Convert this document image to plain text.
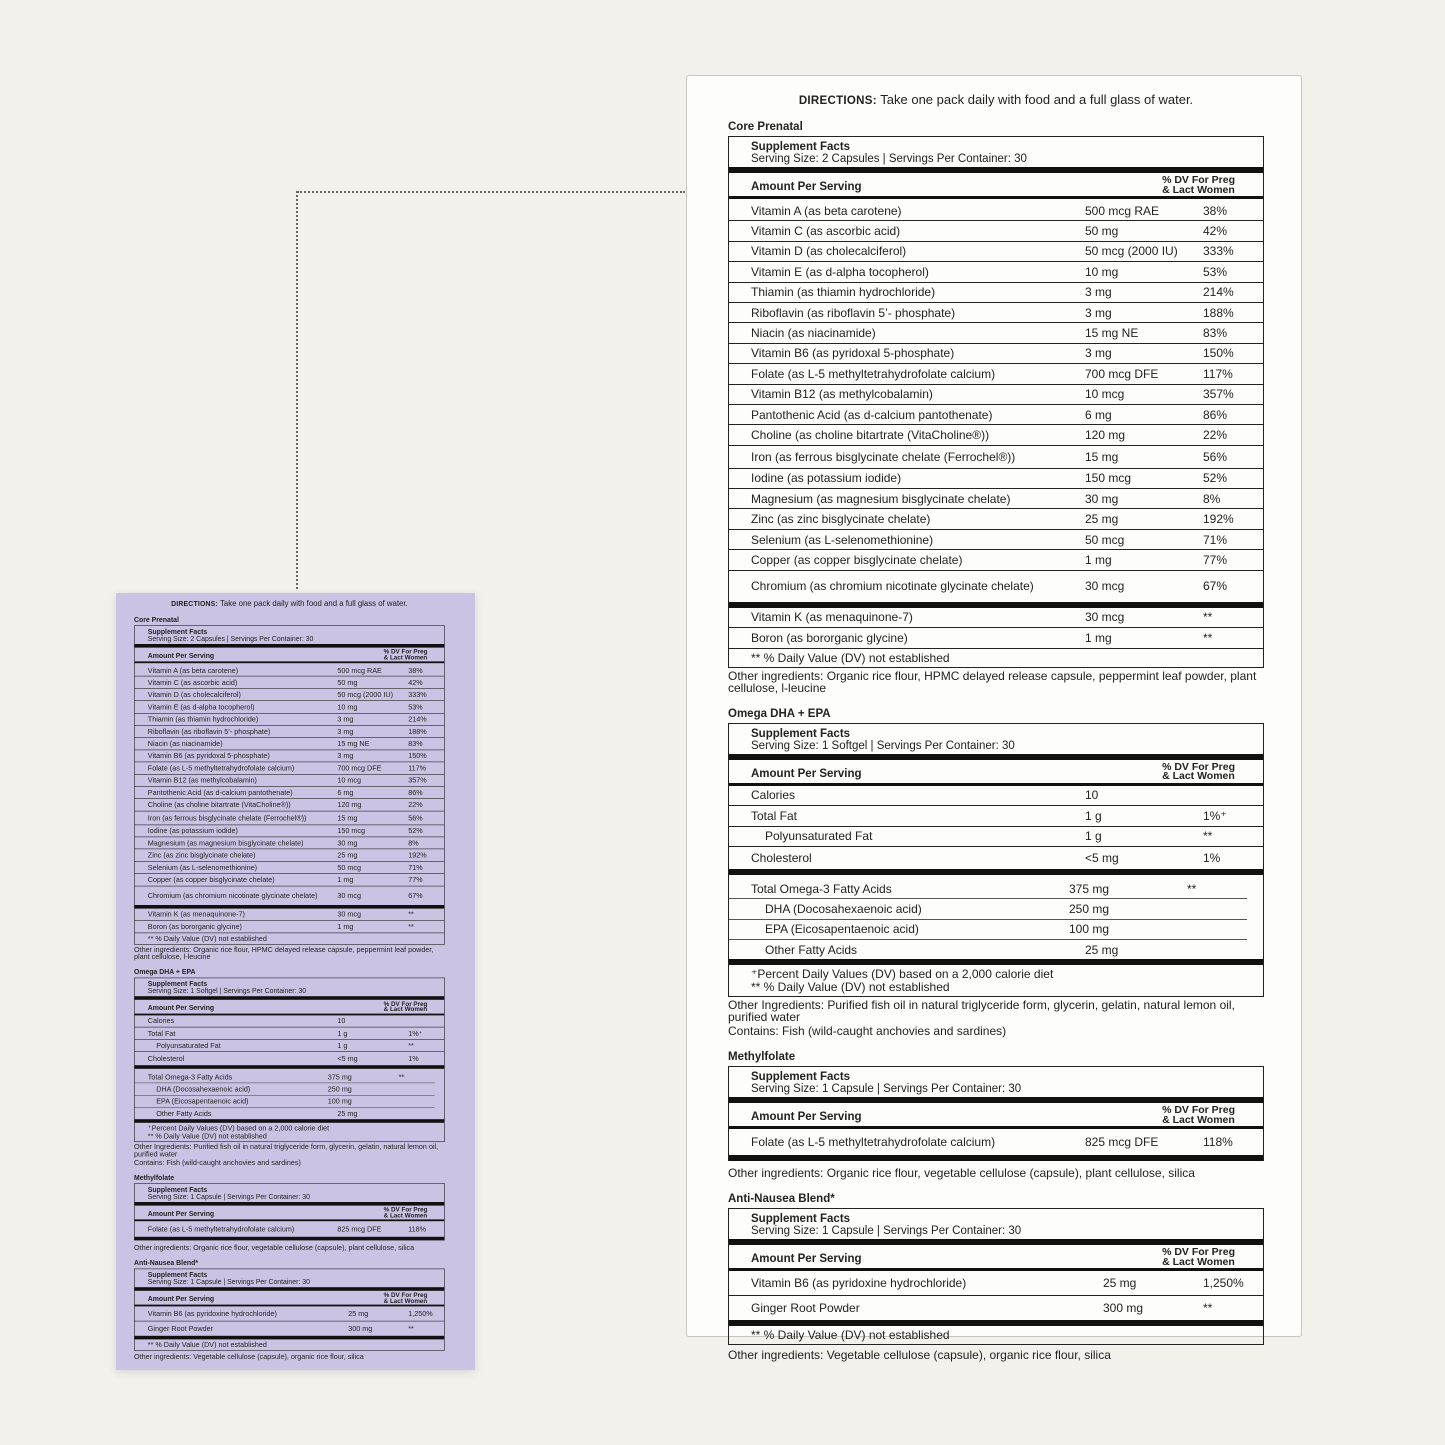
DIRECTIONS: Take one pack daily with food and a full glass of water.

Core Prenatal
Supplement Facts
Serving Size: 2 Capsules | Servings Per Container: 30
Amount Per Serving
% DV For Preg
& Lact Women
Vitamin A (as beta carotene)	500 mcg RAE	38%
Vitamin C (as ascorbic acid)	50 mg	42%
Vitamin D (as cholecalciferol)	50 mcg (2000 IU)	333%
Vitamin E (as d-alpha tocopherol)	10 mg	53%
Thiamin (as thiamin hydrochloride)	3 mg	214%
Riboflavin (as riboflavin 5’- phosphate)	3 mg	188%
Niacin (as niacinamide)	15 mg NE	83%
Vitamin B6 (as pyridoxal 5-phosphate)	3 mg	150%
Folate (as L-5 methyltetrahydrofolate calcium)	700 mcg DFE	117%
Vitamin B12 (as methylcobalamin)	10 mcg	357%
Pantothenic Acid (as d-calcium pantothenate)	6 mg	86%
Choline (as choline bitartrate (VitaCholine®))	120 mg	22%
Iron (as ferrous bisglycinate chelate (Ferrochel®))	15 mg	56%
Iodine (as potassium iodide)	150 mcg	52%
Magnesium (as magnesium bisglycinate chelate)	30 mg	8%
Zinc (as zinc bisglycinate chelate)	25 mg	192%
Selenium (as L-selenomethionine)	50 mcg	71%
Copper (as copper bisglycinate chelate)	1 mg	77%
Chromium (as chromium nicotinate glycinate chelate)	30 mcg	67%
Vitamin K (as menaquinone-7)	30 mcg	**
Boron (as bororganic glycine)	1 mg	**
** % Daily Value (DV) not established

Other ingredients: Organic rice flour, HPMC delayed release capsule, peppermint leaf powder, plant cellulose, l-leucine

Omega DHA + EPA
Supplement Facts
Serving Size: 1 Softgel | Servings Per Container: 30
Amount Per Serving
% DV For Preg
& Lact Women
Calories	10
Total Fat	1 g	1%⁺
Polyunsaturated Fat	1 g	**
Cholesterol	<5 mg	1%
Total Omega-3 Fatty Acids	375 mg	**
DHA (Docosahexaenoic acid)	250 mg
EPA (Eicosapentaenoic acid)	100 mg
Other Fatty Acids	25 mg
⁺Percent Daily Values (DV) based on a 2,000 calorie diet
** % Daily Value (DV) not established

Other Ingredients: Purified fish oil in natural triglyceride form, glycerin, gelatin, natural lemon oil, purified water

Contains: Fish (wild-caught anchovies and sardines)

Methylfolate
Supplement Facts
Serving Size: 1 Capsule | Servings Per Container: 30
Amount Per Serving
% DV For Preg
& Lact Women
Folate (as L-5 methyltetrahydrofolate calcium)	825 mcg DFE	118%

Other ingredients: Organic rice flour, vegetable cellulose (capsule), plant cellulose, silica

Anti-Nausea Blend*
Supplement Facts
Serving Size: 1 Capsule | Servings Per Container: 30
Amount Per Serving
% DV For Preg
& Lact Women
Vitamin B6 (as pyridoxine hydrochloride)	25 mg	1,250%
Ginger Root Powder	300 mg	**
** % Daily Value (DV) not established

Other ingredients: Vegetable cellulose (capsule), organic rice flour, silica

DIRECTIONS: Take one pack daily with food and a full glass of water.

Core Prenatal
Supplement Facts
Serving Size: 2 Capsules | Servings Per Container: 30
Amount Per Serving
% DV For Preg
& Lact Women
Vitamin A (as beta carotene)	500 mcg RAE	38%
Vitamin C (as ascorbic acid)	50 mg	42%
Vitamin D (as cholecalciferol)	50 mcg (2000 IU)	333%
Vitamin E (as d-alpha tocopherol)	10 mg	53%
Thiamin (as thiamin hydrochloride)	3 mg	214%
Riboflavin (as riboflavin 5’- phosphate)	3 mg	188%
Niacin (as niacinamide)	15 mg NE	83%
Vitamin B6 (as pyridoxal 5-phosphate)	3 mg	150%
Folate (as L-5 methyltetrahydrofolate calcium)	700 mcg DFE	117%
Vitamin B12 (as methylcobalamin)	10 mcg	357%
Pantothenic Acid (as d-calcium pantothenate)	6 mg	86%
Choline (as choline bitartrate (VitaCholine®))	120 mg	22%
Iron (as ferrous bisglycinate chelate (Ferrochel®))	15 mg	56%
Iodine (as potassium iodide)	150 mcg	52%
Magnesium (as magnesium bisglycinate chelate)	30 mg	8%
Zinc (as zinc bisglycinate chelate)	25 mg	192%
Selenium (as L-selenomethionine)	50 mcg	71%
Copper (as copper bisglycinate chelate)	1 mg	77%
Chromium (as chromium nicotinate glycinate chelate)	30 mcg	67%
Vitamin K (as menaquinone-7)	30 mcg	**
Boron (as bororganic glycine)	1 mg	**
** % Daily Value (DV) not established

Other ingredients: Organic rice flour, HPMC delayed release capsule, peppermint leaf powder, plant cellulose, l-leucine

Omega DHA + EPA
Supplement Facts
Serving Size: 1 Softgel | Servings Per Container: 30
Amount Per Serving
% DV For Preg
& Lact Women
Calories	10
Total Fat	1 g	1%⁺
Polyunsaturated Fat	1 g	**
Cholesterol	<5 mg	1%
Total Omega-3 Fatty Acids	375 mg	**
DHA (Docosahexaenoic acid)	250 mg
EPA (Eicosapentaenoic acid)	100 mg
Other Fatty Acids	25 mg
⁺Percent Daily Values (DV) based on a 2,000 calorie diet
** % Daily Value (DV) not established

Other Ingredients: Purified fish oil in natural triglyceride form, glycerin, gelatin, natural lemon oil, purified water

Contains: Fish (wild-caught anchovies and sardines)

Methylfolate
Supplement Facts
Serving Size: 1 Capsule | Servings Per Container: 30
Amount Per Serving
% DV For Preg
& Lact Women
Folate (as L-5 methyltetrahydrofolate calcium)	825 mcg DFE	118%

Other ingredients: Organic rice flour, vegetable cellulose (capsule), plant cellulose, silica

Anti-Nausea Blend*
Supplement Facts
Serving Size: 1 Capsule | Servings Per Container: 30
Amount Per Serving
% DV For Preg
& Lact Women
Vitamin B6 (as pyridoxine hydrochloride)	25 mg	1,250%
Ginger Root Powder	300 mg	**
** % Daily Value (DV) not established

Other ingredients: Vegetable cellulose (capsule), organic rice flour, silica
